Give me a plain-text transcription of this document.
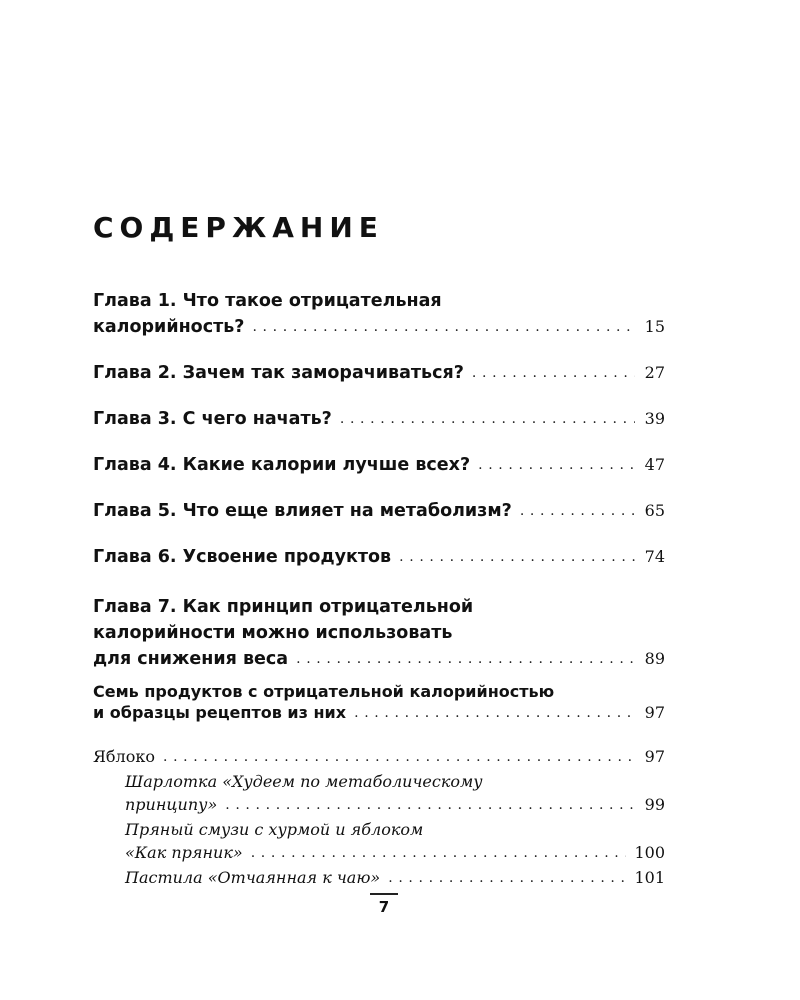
СОДЕРЖАНИЕ
Глава 1. Что такое отрицательная
калорийность? . . .	15
Глава 2. Зачем так заморачиваться? . . .	27
Глава 3. С чего начать? . . .	39
Глава 4. Какие калории лучше всех? . . .	47
Глава 5. Что еще влияет на метаболизм? . . .	65
Глава 6. Усвоение продуктов . . .	74
Глава 7. Как принцип отрицательной
калорийности можно использовать
для снижения веса . . .	89
Семь продуктов с отрицательной калорийностью
и образцы рецептов из них . . .	97
Яблоко . . .	97
Шарлотка «Худеем по метаболическому
принципу» . . .	99
Пряный смузи с хурмой и яблоком
«Как пряник» . . .	100
Пастила «Отчаянная к чаю» . . .	101
7
